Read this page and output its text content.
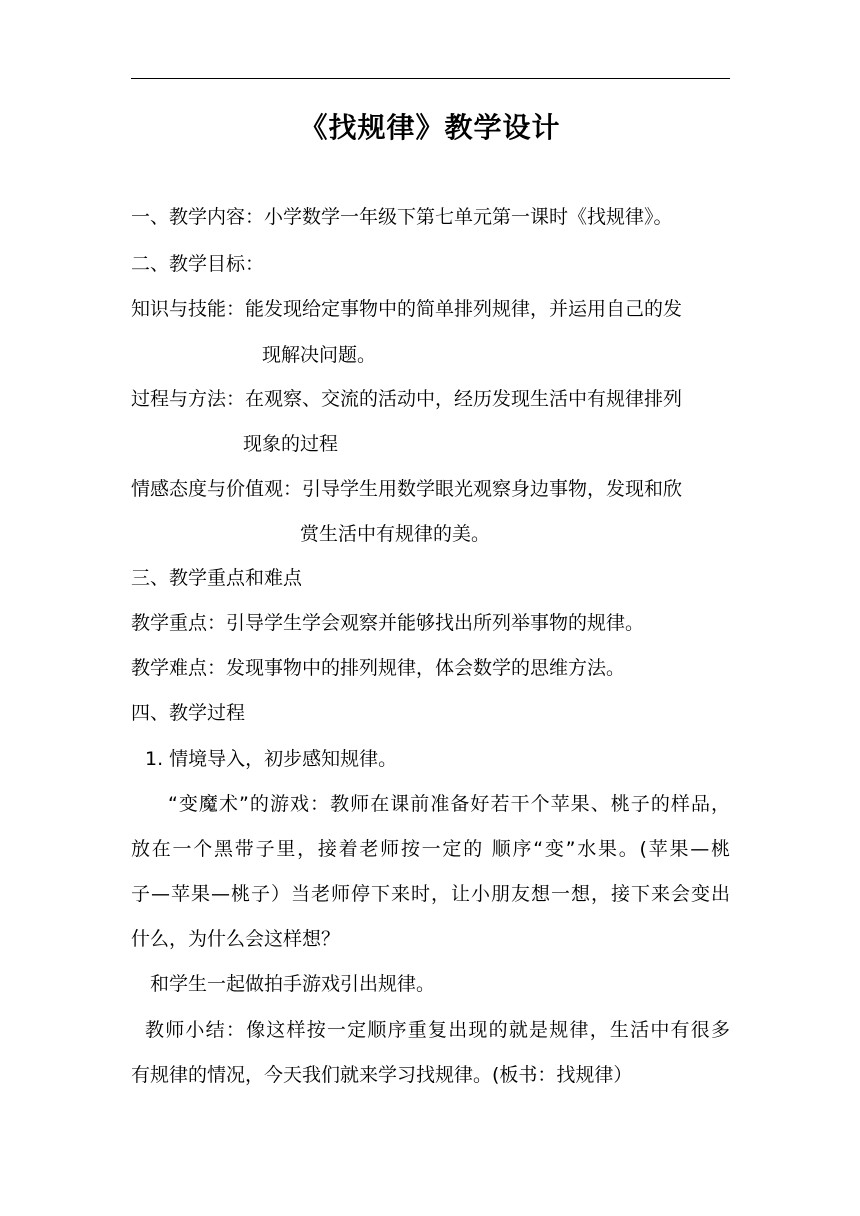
《找规律》教学设计
一、教学内容：小学数学一年级下第七单元第一课时《找规律》。
二、教学目标：
知识与技能：能发现给定事物中的简单排列规律，并运用自己的发
现解决问题。
过程与方法：在观察、交流的活动中，经历发现生活中有规律排列
现象的过程
情感态度与价值观：引导学生用数学眼光观察身边事物，发现和欣
赏生活中有规律的美。
三、教学重点和难点
教学重点：引导学生学会观察并能够找出所列举事物的规律。
教学难点：发现事物中的排列规律，体会数学的思维方法。
四、教学过程
1. 情境导入，初步感知规律。
“变魔术”的游戏：教师在课前准备好若干个苹果、桃子的样品，
放在一个黑带子里，接着老师按一定的 顺序“变”水果。(苹果—桃
子—苹果—桃子）当老师停下来时，让小朋友想一想，接下来会变出
什么，为什么会这样想？
和学生一起做拍手游戏引出规律。
教师小结：像这样按一定顺序重复出现的就是规律，生活中有很多
有规律的情况，今天我们就来学习找规律。(板书：找规律）
